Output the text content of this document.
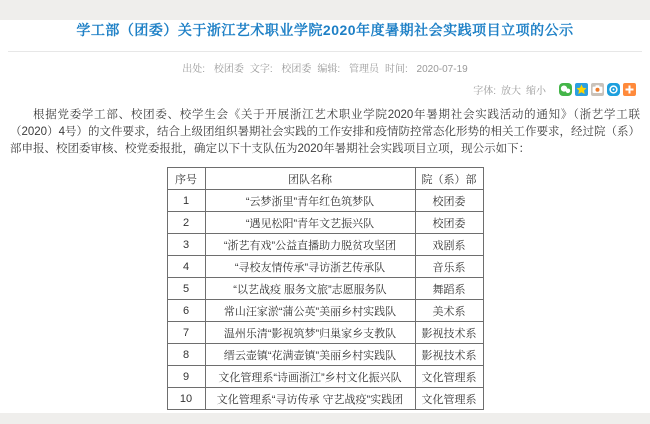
学工部（团委）关于浙江艺术职业学院2020年度暑期社会实践项目立项的公示
出处: 校团委 文字: 校团委 编辑: 管理员 时间: 2020-07-19
字体: 放大 缩小

根据党委学工部、校团委、校学生会《关于开展浙江艺术职业学院2020年暑期社会实践活动的通知》（浙艺学工联（2020）4号）的文件要求，结合上级团组织暑期社会实践的工作安排和疫情防控常态化形势的相关工作要求，经过院（系）部申报、校团委审核、校党委报批，确定以下十支队伍为2020年暑期社会实践项目立项，现公示如下：

序号	团队名称	院（系）部
1	“云梦浙里”青年红色筑梦队	校团委
2	“遇见松阳”青年文艺振兴队	校团委
3	“浙艺有戏”公益直播助力脱贫攻坚团	戏剧系
4	“寻校友情传承”寻访浙艺传承队	音乐系
5	“以艺战疫 服务文旅”志愿服务队	舞蹈系
6	常山汪家淤“蒲公英”美丽乡村实践队	美术系
7	温州乐清“影视筑梦”归巢家乡支教队	影视技术系
8	缙云壶镇“花满壶镇”美丽乡村实践队	影视技术系
9	文化管理系“诗画浙江”乡村文化振兴队	文化管理系
10	文化管理系“寻访传承 守艺战疫”实践团	文化管理系
